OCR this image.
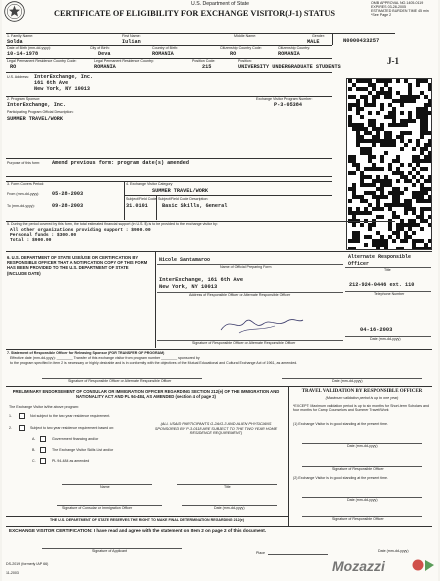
U.S. Department of State
CERTIFICATE OF ELIGIBILITY FOR EXCHANGE VISITOR(J-1) STATUS
OMB APPROVAL NO.1405-0119
EXPIRES 03-28-2005
ESTIMATED BURDEN TIME 45 min
*See Page 2
1. Family Name:	First Name:	Middle Name:	Gender:
Solda	Iulian	MALE	N0000433257
Date of Birth (mm-dd-yyyy):	City of Birth:	Country of Birth:	Citizenship Country Code:	Citizenship Country:
10-14-1978	Deva	ROMANIA	RO	ROMANIA
Legal Permanent Residence Country Code:	Legal Permanent Residence Country:	Position Code:	Position:
RO	ROMANIA	215	UNIVERSITY UNDERGRADUATE STUDENTS
U.S. Address: InterExchange, Inc.
161 6th Ave
New York, NY 10013
J-1
2. Program Sponsor:
InterExchange, Inc.
Exchange Visitor Program Number:
P-3-05384
Participating Program Official Description:
SUMMER TRAVEL/WORK
Purpose of this form: Amend previous form: program date(s) amended
3. Form Covers Period:
From (mm-dd-yyyy): 05-28-2003
To (mm-dd-yyyy):	09-28-2003
4. Exchange Visitor Category
SUMMER TRAVEL/WORK
Subject/Field Code: Subject/Field Code Description:
31.0101	Basic Skills, General
5. During the period covered by this form, the total estimated financial support (in U.S. $) is to be provided to the exchange visitor by:
All other organizations providing support : $900.00
Personal funds : $300.00
Total : $900.00
6. U.S. DEPARTMENT OF STATE USE/USE OR CERTIFICATION BY RESPONSIBLE OFFICER THAT A NOTIFICATION COPY OF THIS FORM HAS BEEN PROVIDED TO THE U.S. DEPARTMENT OF STATE (INCLUDE DATE)
Nicole Santamaroo
Name of Official Preparing Form
Alternate Responsible Officer
Title
InterExchange, 161 6th Ave
New York, NY 10013
Address of Responsible Officer or Alternate Responsible Officer
212-924-0446 ext. 110
Telephone Number
04-16-2003
Signature of Responsible Officer or Alternate Responsible Officer
Date (mm-dd-yyyy)
7. Statement of Responsible Officer for Releasing Sponsor (FOR TRANSFER OF PROGRAM)
Effective date (mm-dd-yyyy): ________ Transfer of this exchange visitor from program number ________ sponsored by
to the program specified in item 2 is necessary or highly desirable and is in conformity with the objectives of the Mutual Educational and Cultural Exchange Act of 1961, as amended.
Signature of Responsible Officer or Alternate Responsible Officer	Date (mm-dd-yyyy)
PRELIMINARY ENDORSEMENT OF CONSULAR OR IMMIGRATION OFFICER REGARDING SECTION 212(e) OF THE IMMIGRATION AND NATIONALITY ACT AND PL 94-484, AS AMENDED (section 4 of page 2)
The Exchange Visitor is/the above program:
1.	Not subject to the two year residence requirement.
2.	Subject to two year residence requirement based on:
A.	Government financing and/or
B.	The Exchange Visitor Skills List and/or
C.	PL 94-484 as amended
(ALL USAID PARTICIPANTS G-2A/G-3 AND ALIEN PHYSICIANS SPONSORED BY P-3-0118 ARE SUBJECT TO THE TWO YEAR HOME RESIDENCE REQUIREMENT)
Name	Title
Signature of Consular or Immigration Officer	Date (mm-dd-yyyy)
THE U.S. DEPARTMENT OF STATE RESERVES THE RIGHT TO MAKE FINAL DETERMINATION REGARDING 212(e)
TRAVEL VALIDATION BY RESPONSIBLE OFFICER
(Maximum validation period is up to one year)
*EXCEPT: Maximum validation period is up to six months for Short-term Scholars and four months for Camp Counselors and Summer Travel/Work
(1) Exchange Visitor is in good standing at the present time.
Date (mm-dd-yyyy)
Signature of Responsible Officer
(2) Exchange Visitor is in good standing at the present time.
Date (mm-dd-yyyy)
Signature of Responsible Officer
EXCHANGE VISITOR CERTIFICATION: I have read and agree with the statement on Item 2 on page 2 of this document.
Signature of Applicant	Place	Date (mm-dd-yyyy)
DS-2019 (formerly IAP 66)
11-2003	Mozazzi
